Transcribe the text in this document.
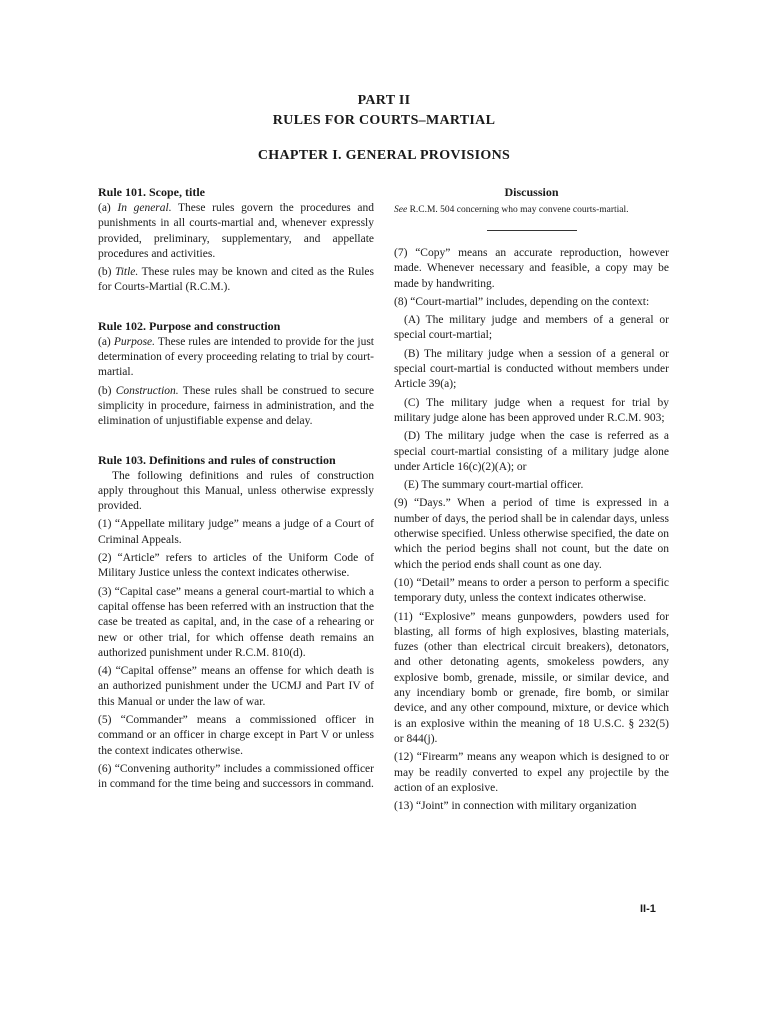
PART II
RULES FOR COURTS–MARTIAL
CHAPTER I. GENERAL PROVISIONS
Rule 101. Scope, title
(a) In general. These rules govern the procedures and punishments in all courts-martial and, whenever expressly provided, preliminary, supplementary, and appellate procedures and activities.
(b) Title. These rules may be known and cited as the Rules for Courts-Martial (R.C.M.).
Rule 102. Purpose and construction
(a) Purpose. These rules are intended to provide for the just determination of every proceeding relating to trial by court-martial.
(b) Construction. These rules shall be construed to secure simplicity in procedure, fairness in administration, and the elimination of unjustifiable expense and delay.
Rule 103. Definitions and rules of construction
The following definitions and rules of construction apply throughout this Manual, unless otherwise expressly provided.
(1) “Appellate military judge” means a judge of a Court of Criminal Appeals.
(2) “Article” refers to articles of the Uniform Code of Military Justice unless the context indicates otherwise.
(3) “Capital case” means a general court-martial to which a capital offense has been referred with an instruction that the case be treated as capital, and, in the case of a rehearing or new or other trial, for which offense death remains an authorized punishment under R.C.M. 810(d).
(4) “Capital offense” means an offense for which death is an authorized punishment under the UCMJ and Part IV of this Manual or under the law of war.
(5) “Commander” means a commissioned officer in command or an officer in charge except in Part V or unless the context indicates otherwise.
(6) “Convening authority” includes a commissioned officer in command for the time being and successors in command.
Discussion

See R.C.M. 504 concerning who may convene courts-martial.

(7) “Copy” means an accurate reproduction, however made. Whenever necessary and feasible, a copy may be made by handwriting.
(8) “Court-martial” includes, depending on the context:
(A) The military judge and members of a general or special court-martial;
(B) The military judge when a session of a general or special court-martial is conducted without members under Article 39(a);
(C) The military judge when a request for trial by military judge alone has been approved under R.C.M. 903;
(D) The military judge when the case is referred as a special court-martial consisting of a military judge alone under Article 16(c)(2)(A); or
(E) The summary court-martial officer.
(9) “Days.” When a period of time is expressed in a number of days, the period shall be in calendar days, unless otherwise specified. Unless otherwise specified, the date on which the period begins shall not count, but the date on which the period ends shall count as one day.
(10) “Detail” means to order a person to perform a specific temporary duty, unless the context indicates otherwise.
(11) “Explosive” means gunpowders, powders used for blasting, all forms of high explosives, blasting materials, fuzes (other than electrical circuit breakers), detonators, and other detonating agents, smokeless powders, any explosive bomb, grenade, missile, or similar device, and any incendiary bomb or grenade, fire bomb, or similar device, and any other compound, mixture, or device which is an explosive within the meaning of 18 U.S.C. § 232(5) or 844(j).
(12) “Firearm” means any weapon which is designed to or may be readily converted to expel any projectile by the action of an explosive.
(13) “Joint” in connection with military organization
II-1
